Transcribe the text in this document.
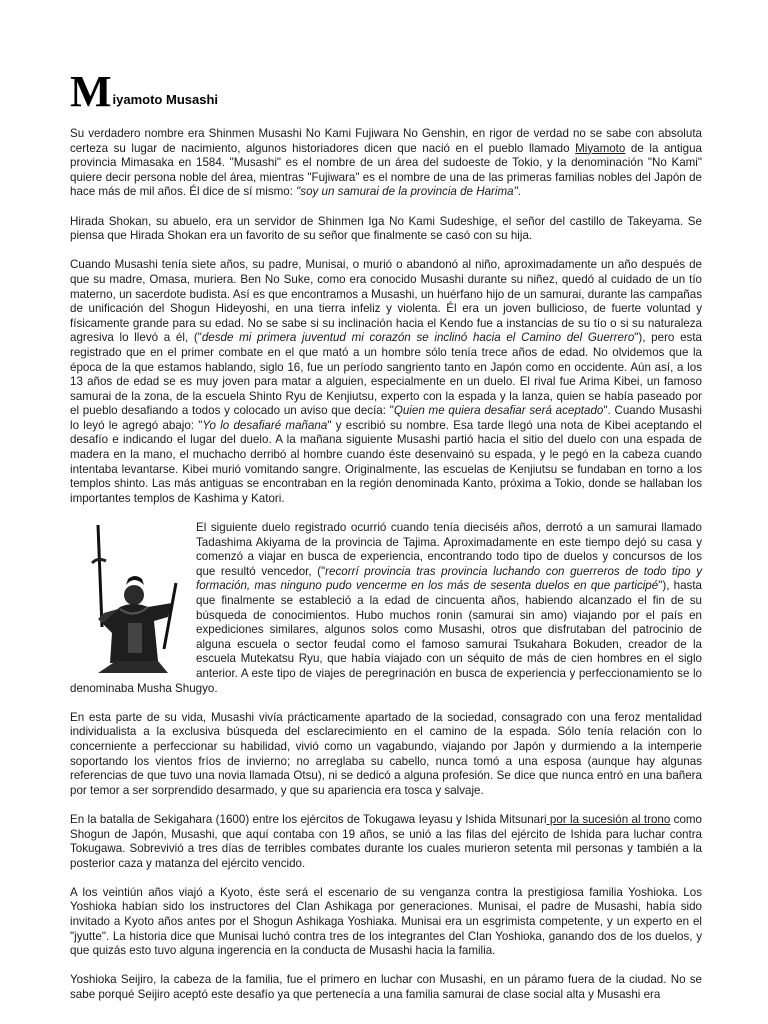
M iyamoto Musashi

Su verdadero nombre era Shinmen Musashi No Kami Fujiwara No Genshin, en rigor de verdad no se sabe con absoluta certeza su lugar de nacimiento, algunos historiadores dicen que nació en el pueblo llamado Miyamoto de la antigua provincia Mimasaka en 1584. "Musashi" es el nombre de un área del sudoeste de Tokio, y la denominación "No Kami" quiere decir persona noble del área, mientras "Fujiwara" es el nombre de una de las primeras familias nobles del Japón de hace más de mil años. Él dice de sí mismo: "soy un samurai de la provincia de Harima".

Hirada Shokan, su abuelo, era un servidor de Shinmen Iga No Kami Sudeshige, el señor del castillo de Takeyama. Se piensa que Hirada Shokan era un favorito de su señor que finalmente se casó con su hija.

Cuando Musashi tenía siete años, su padre, Munisai, o murió o abandonó al niño, aproximadamente un año después de que su madre, Omasa, muriera. Ben No Suke, como era conocido Musashi durante su niñez, quedó al cuidado de un tío materno, un sacerdote budista. Así es que encontramos a Musashi, un huérfano hijo de un samurai, durante las campañas de unificación del Shogun Hideyoshi, en una tierra infeliz y violenta. Él era un joven bullicioso, de fuerte voluntad y físicamente grande para su edad. No se sabe si su inclinación hacia el Kendo fue a instancias de su tío o si su naturaleza agresiva lo llevó a él, ("desde mi primera juventud mi corazón se inclinó hacia el Camino del Guerrero"), pero esta registrado que en el primer combate en el que mató a un hombre sólo tenía trece años de edad. No olvidemos que la época de la que estamos hablando, siglo 16, fue un período sangriento tanto en Japón como en occidente. Aún así, a los 13 años de edad se es muy joven para matar a alguien, especialmente en un duelo. El rival fue Arima Kibei, un famoso samurai de la zona, de la escuela Shinto Ryu de Kenjiutsu, experto con la espada y la lanza, quien se había paseado por el pueblo desafiando a todos y colocado un aviso que decía: "Quien me quiera desafiar será aceptado". Cuando Musashi lo leyó le agregó abajo: "Yo lo desafiaré mañana" y escribió su nombre. Esa tarde llegó una nota de Kibei aceptando el desafío e indicando el lugar del duelo. A la mañana siguiente Musashi partió hacia el sitio del duelo con una espada de madera en la mano, el muchacho derribó al hombre cuando éste desenvainó su espada, y le pegó en la cabeza cuando intentaba levantarse. Kibei murió vomitando sangre. Originalmente, las escuelas de Kenjiutsu se fundaban en torno a los templos shinto. Las más antiguas se encontraban en la región denominada Kanto, próxima a Tokio, donde se hallaban los importantes templos de Kashima y Katori.

El siguiente duelo registrado ocurrió cuando tenía dieciséis años, derrotó a un samurai llamado Tadashima Akiyama de la provincia de Tajima. Aproximadamente en este tiempo dejó su casa y comenzó a viajar en busca de experiencia, encontrando todo tipo de duelos y concursos de los que resultó vencedor, ("recorrí provincia tras provincia luchando con guerreros de todo tipo y formación, mas ninguno pudo vencerme en los más de sesenta duelos en que participé"), hasta que finalmente se estableció a la edad de cincuenta años, habiendo alcanzado el fin de su búsqueda de conocimientos. Hubo muchos ronin (samurai sin amo) viajando por el país en expediciones similares, algunos solos como Musashi, otros que disfrutaban del patrocinio de alguna escuela o sector feudal como el famoso samurai Tsukahara Bokuden, creador de la escuela Mutekatsu Ryu, que había viajado con un séquito de más de cien hombres en el siglo anterior. A este tipo de viajes de peregrinación en busca de experiencia y perfeccionamiento se lo denominaba Musha Shugyo.

En esta parte de su vida, Musashi vivía prácticamente apartado de la sociedad, consagrado con una feroz mentalidad individualista a la exclusiva búsqueda del esclarecimiento en el camino de la espada. Sólo tenía relación con lo concerniente a perfeccionar su habilidad, vivió como un vagabundo, viajando por Japón y durmiendo a la intemperie soportando los vientos fríos de invierno; no arreglaba su cabello, nunca tomó a una esposa (aunque hay algunas referencias de que tuvo una novia llamada Otsu), ni se dedicó a alguna profesión. Se dice que nunca entró en una bañera por temor a ser sorprendido desarmado, y que su apariencia era tosca y salvaje.

En la batalla de Sekigahara (1600) entre los ejércitos de Tokugawa Ieyasu y Ishida Mitsunari por la sucesión al trono como Shogun de Japón, Musashi, que aquí contaba con 19 años, se unió a las filas del ejército de Ishida para luchar contra Tokugawa. Sobrevivió a tres días de terribles combates durante los cuales murieron setenta mil personas y también a la posterior caza y matanza del ejército vencido.

A los veintiún años viajó a Kyoto, éste será el escenario de su venganza contra la prestigiosa familia Yoshioka. Los Yoshioka habían sido los instructores del Clan Ashikaga por generaciones. Munisai, el padre de Musashi, había sido invitado a Kyoto años antes por el Shogun Ashikaga Yoshiaka. Munisai era un esgrimista competente, y un experto en el "jyutte". La historia dice que Munisai luchó contra tres de los integrantes del Clan Yoshioka, ganando dos de los duelos, y que quizás esto tuvo alguna ingerencia en la conducta de Musashi hacia la familia.

Yoshioka Seijiro, la cabeza de la familia, fue el primero en luchar con Musashi, en un páramo fuera de la ciudad. No se sabe porqué Seijiro aceptó este desafío ya que pertenecía a una familia samurai de clase social alta y Musashi era
